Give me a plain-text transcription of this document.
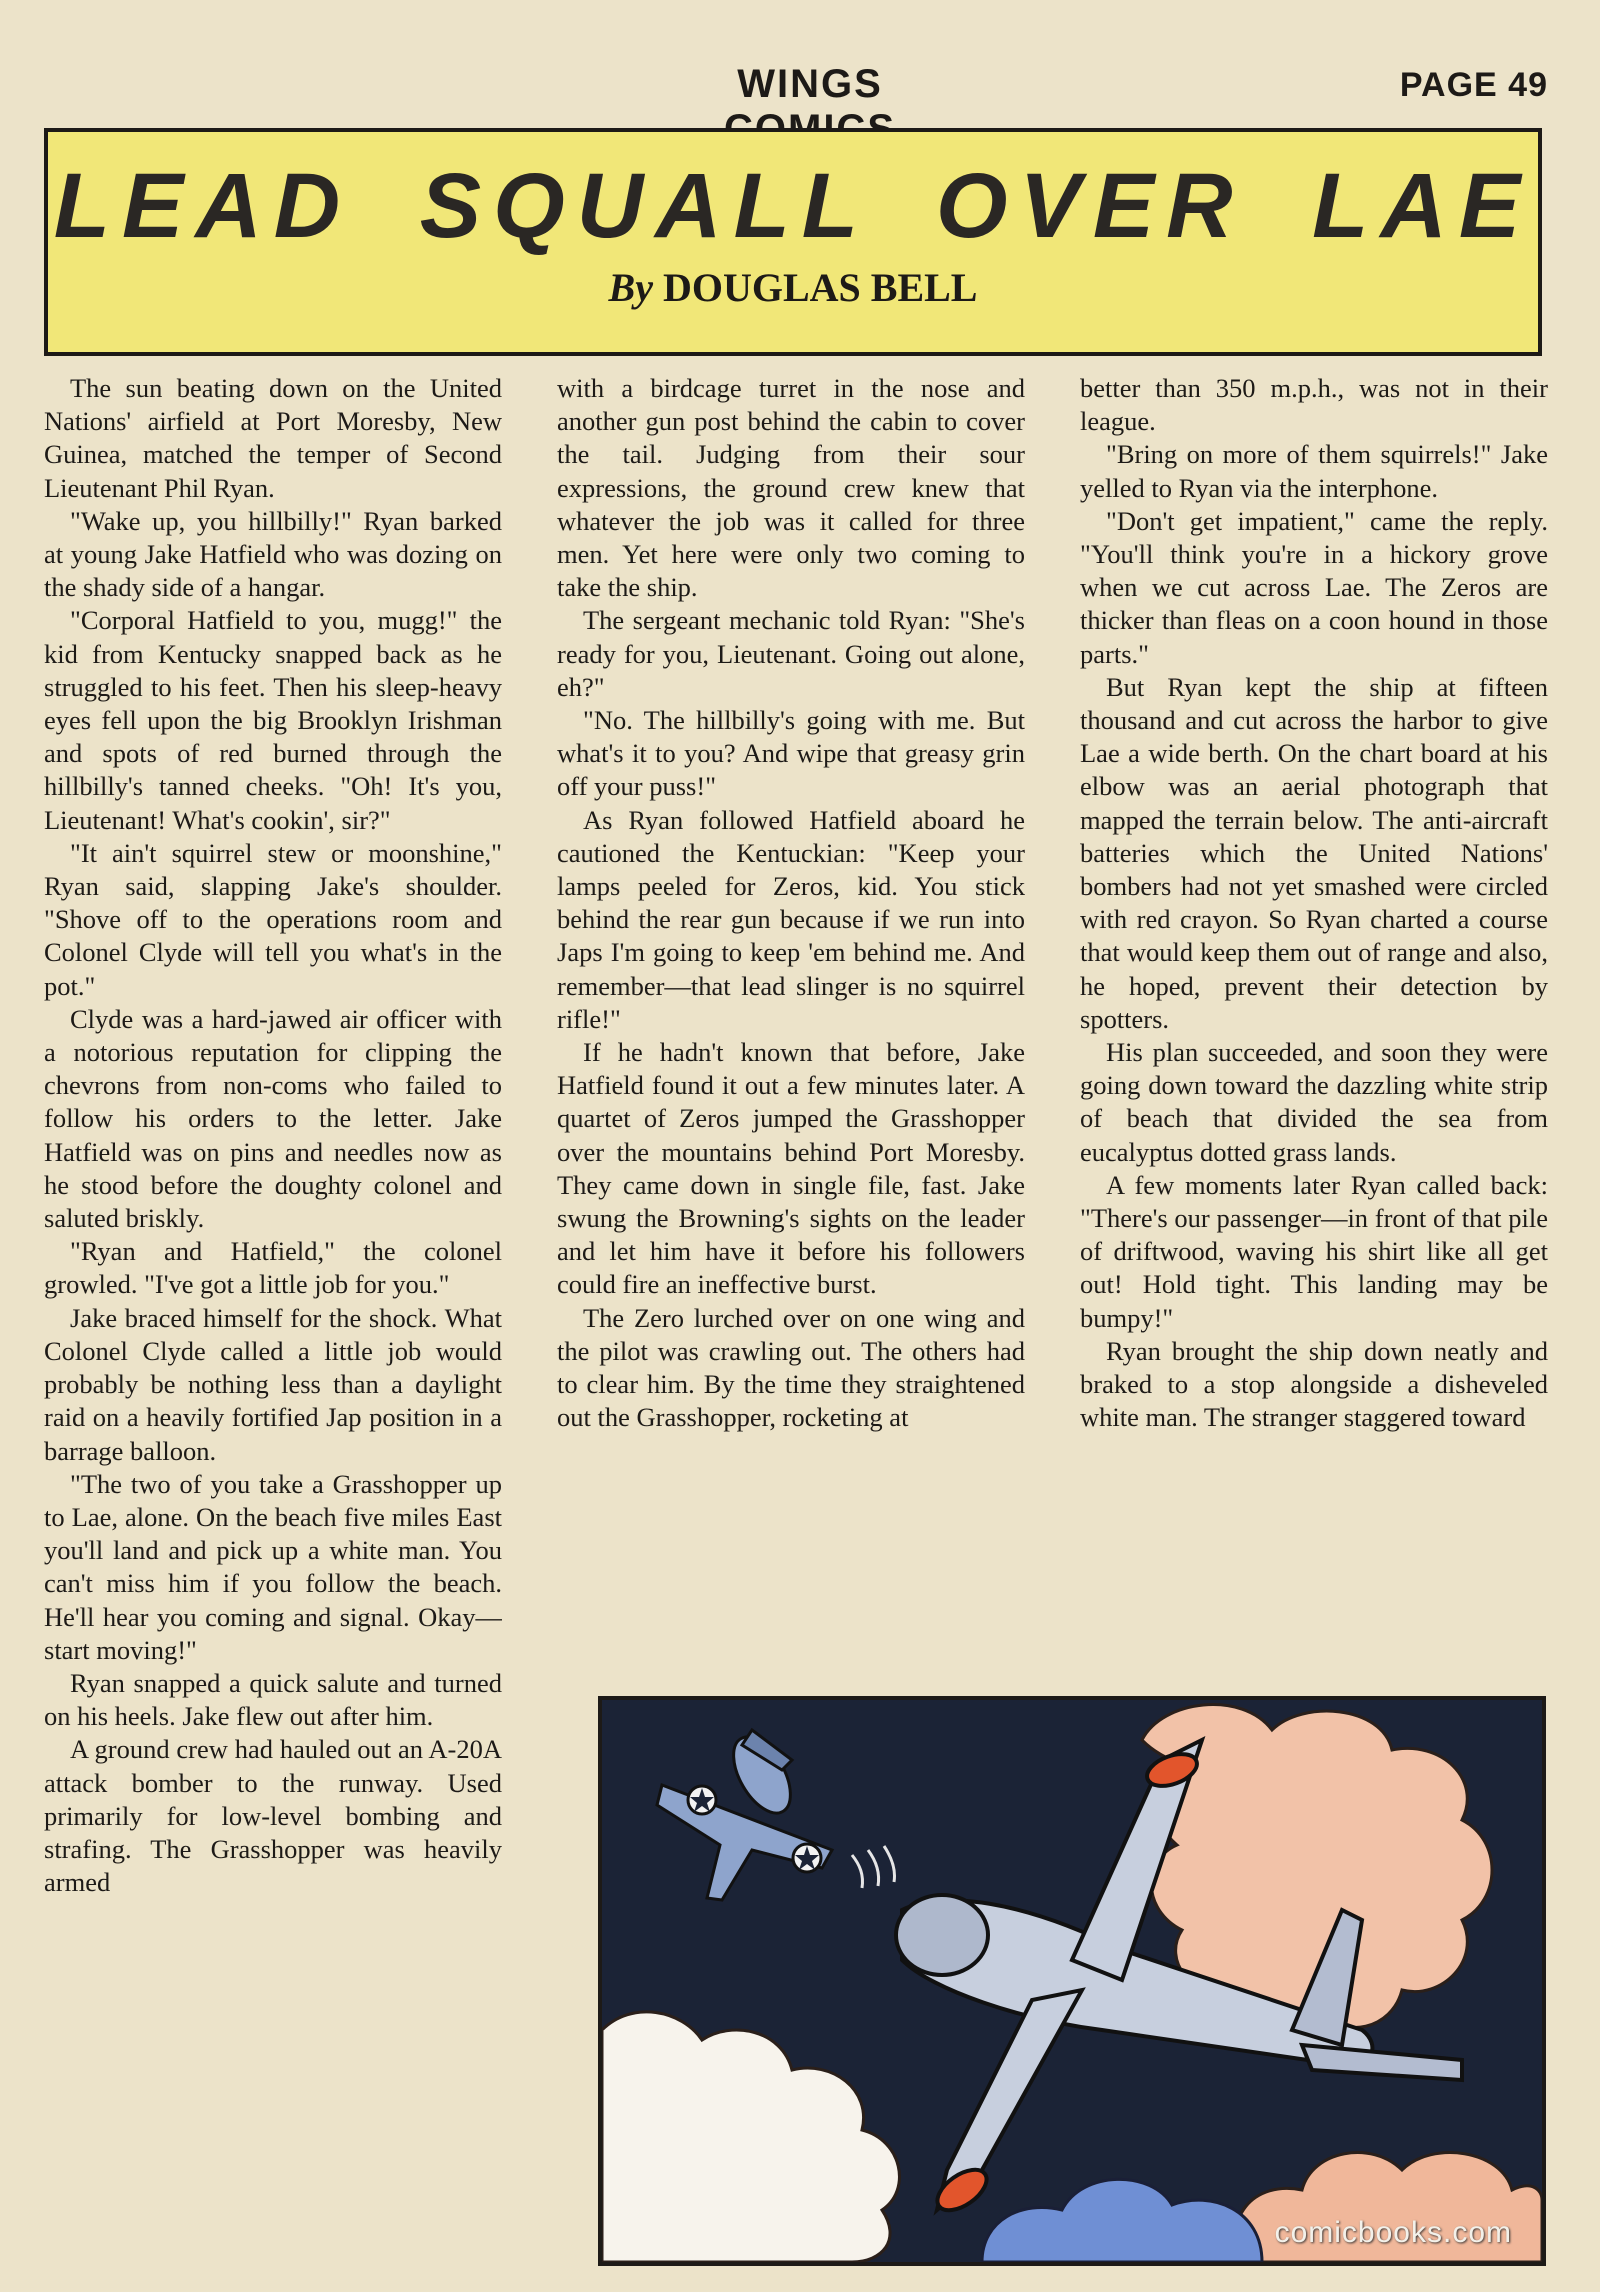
WINGS	PAGE 49
LEAD SQUALL OVER LAE
By DOUGLAS BELL

The sun beating down on the United Nations' airfield at Port Moresby, New Guinea, matched the temper of Second Lieutenant Phil Ryan.

"Wake up, you hillbilly!" Ryan barked at young Jake Hatfield who was dozing on the shady side of a hangar.

"Corporal Hatfield to you, mugg!" the kid from Kentucky snapped back as he struggled to his feet. Then his sleep-heavy eyes fell upon the big Brooklyn Irishman and spots of red burned through the hillbilly's tanned cheeks. "Oh! It's you, Lieutenant! What's cookin', sir?"

"It ain't squirrel stew or moonshine," Ryan said, slapping Jake's shoulder. "Shove off to the operations room and Colonel Clyde will tell you what's in the pot."

Clyde was a hard-jawed air officer with a notorious reputation for clipping the chevrons from non-coms who failed to follow his orders to the letter. Jake Hatfield was on pins and needles now as he stood before the doughty colonel and saluted briskly.

"Ryan and Hatfield," the colonel growled. "I've got a little job for you."

Jake braced himself for the shock. What Colonel Clyde called a little job would probably be nothing less than a daylight raid on a heavily fortified Jap position in a barrage balloon.

"The two of you take a Grasshopper up to Lae, alone. On the beach five miles East you'll land and pick up a white man. You can't miss him if you follow the beach. He'll hear you coming and signal. Okay—start moving!"

Ryan snapped a quick salute and turned on his heels. Jake flew out after him.

A ground crew had hauled out an A-20A attack bomber to the runway. Used primarily for low-level bombing and strafing. The Grasshopper was heavily armed

with a birdcage turret in the nose and another gun post behind the cabin to cover the tail. Judging from their sour expressions, the ground crew knew that whatever the job was it called for three men. Yet here were only two coming to take the ship.

The sergeant mechanic told Ryan: "She's ready for you, Lieutenant. Going out alone, eh?"

"No. The hillbilly's going with me. But what's it to you? And wipe that greasy grin off your puss!"

As Ryan followed Hatfield aboard he cautioned the Kentuckian: "Keep your lamps peeled for Zeros, kid. You stick behind the rear gun because if we run into Japs I'm going to keep 'em behind me. And remember—that lead slinger is no squirrel rifle!"

If he hadn't known that before, Jake Hatfield found it out a few minutes later. A quartet of Zeros jumped the Grasshopper over the mountains behind Port Moresby. They came down in single file, fast. Jake swung the Browning's sights on the leader and let him have it before his followers could fire an ineffective burst.

The Zero lurched over on one wing and the pilot was crawling out. The others had to clear him. By the time they straightened out the Grasshopper, rocketing at

better than 350 m.p.h., was not in their league.

"Bring on more of them squirrels!" Jake yelled to Ryan via the interphone.

"Don't get impatient," came the reply. "You'll think you're in a hickory grove when we cut across Lae. The Zeros are thicker than fleas on a coon hound in those parts."

But Ryan kept the ship at fifteen thousand and cut across the harbor to give Lae a wide berth. On the chart board at his elbow was an aerial photograph that mapped the terrain below. The anti-aircraft batteries which the United Nations' bombers had not yet smashed were circled with red crayon. So Ryan charted a course that would keep them out of range and also, he hoped, prevent their detection by spotters.

His plan succeeded, and soon they were going down toward the dazzling white strip of beach that divided the sea from eucalyptus dotted grass lands.

A few moments later Ryan called back: "There's our passenger—in front of that pile of driftwood, waving his shirt like all get out! Hold tight. This landing may be bumpy!"

Ryan brought the ship down neatly and braked to a stop alongside a disheveled white man. The stranger staggered toward

comicbooks.com
